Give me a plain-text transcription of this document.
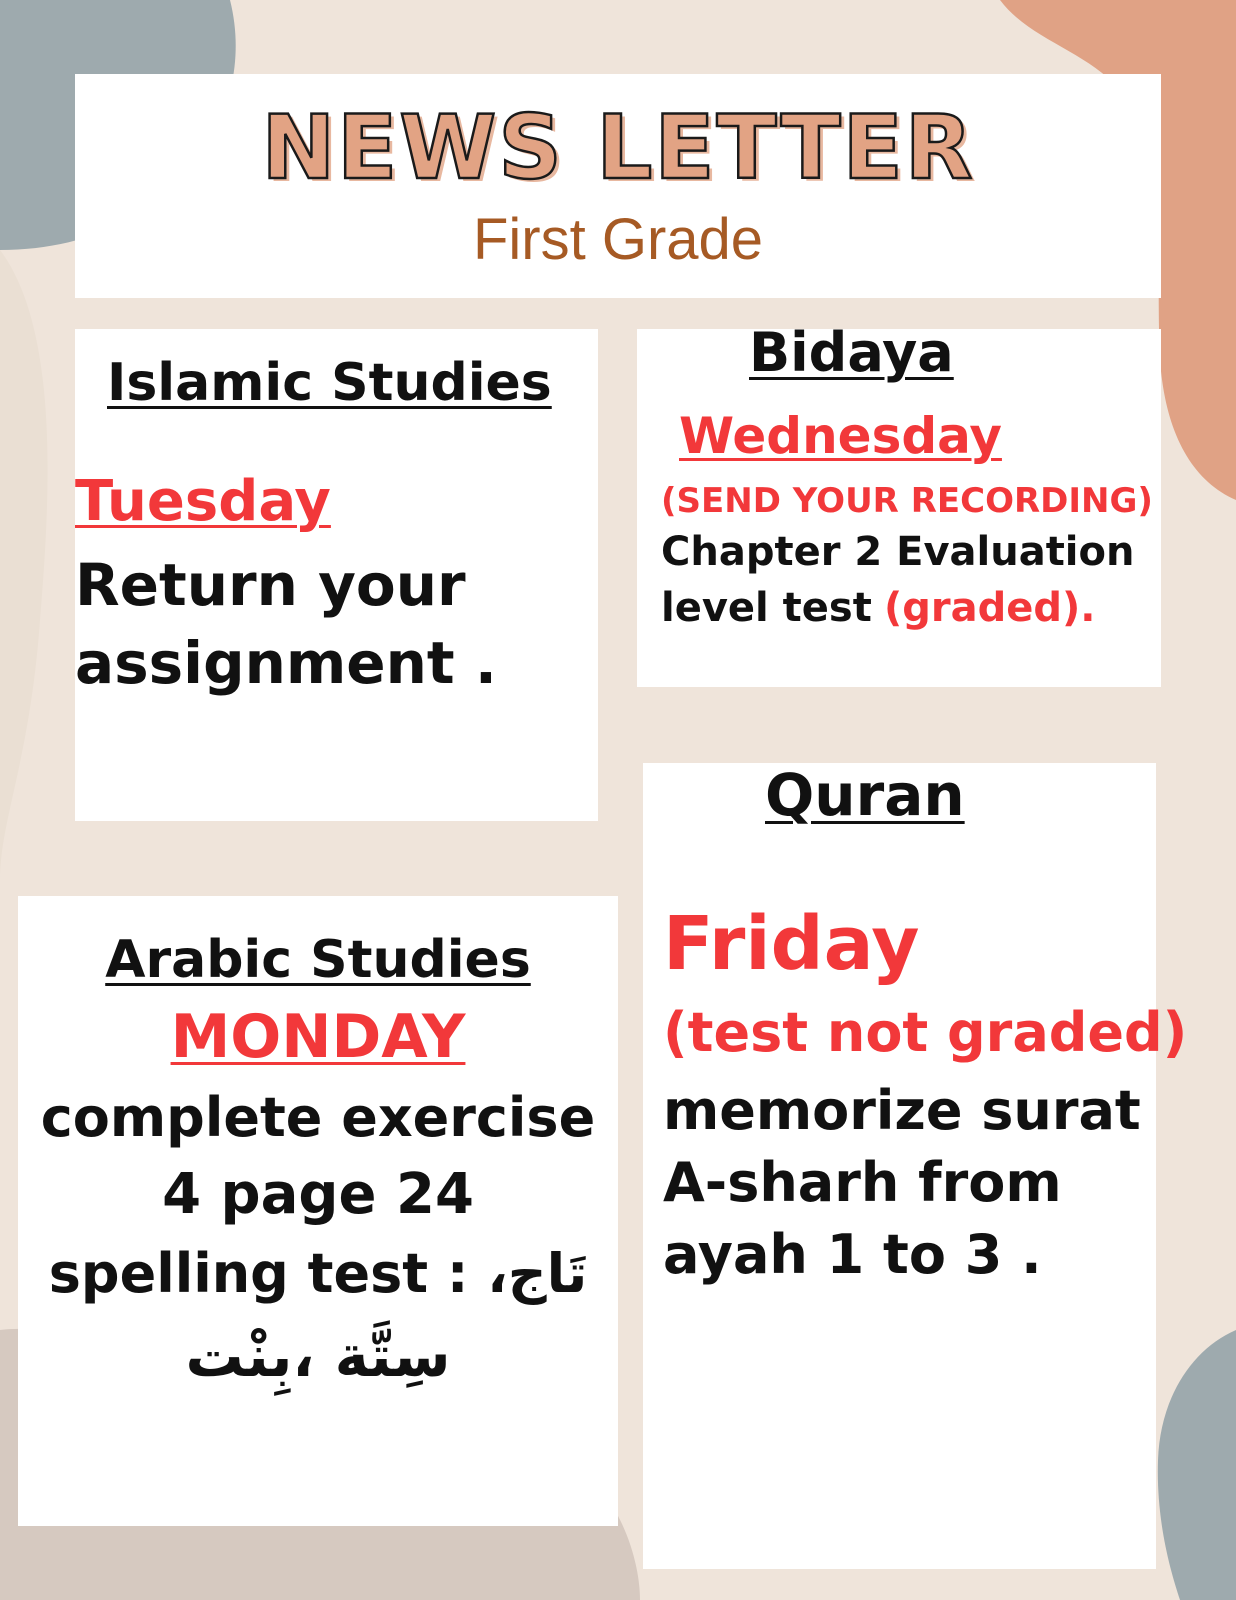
NEWS LETTER
First Grade
Islamic Studies
Tuesday
Return your
assignment .
Bidaya
Wednesday
(SEND YOUR RECORDING)
Chapter 2 Evaluation
level test (graded).
Quran
Friday
(test not graded)
memorize surat
A-sharh from
ayah 1 to 3 .
Arabic Studies
MONDAY
complete exercise
4 page 24
spelling test : تَاج،
سِتَّة ،بِنْت
